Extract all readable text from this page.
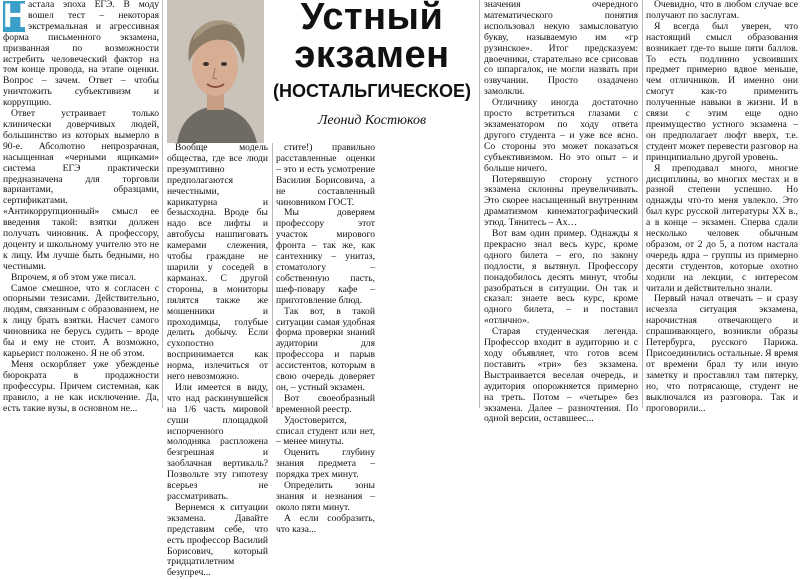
Н астала эпоха ЕГЭ. В моду вошел тест – некоторая экстремальная и агрессивная форма письменного экзамена, призванная по возможности истребить человеческий фактор на том конце провода, на этапе оценки. Вопрос – зачем. Ответ – чтобы уничтожить субъективизм и коррупцию.

Ответ устраивает только клинически доверчивых людей, большинство из которых вымерло в 90-е. Абсолютно непрозрачная, насыщенная «черными ящиками» система ЕГЭ практически предназначена для торговли вариантами, образцами, сертификатами. «Антикоррупционный» смысл ее введения такой: взятки должен получать чиновник. А профессору, доценту и школьному учителю это не к лицу. Им лучше быть бедными, но честными.

Впрочем, я об этом уже писал.

Самое смешное, что я согласен с опорными тезисами. Действительно, людям, связанным с образованием, не к лицу брать взятки. Насчет самого чиновника не берусь судить – вроде бы и ему не стоит. А возможно, карьерист положено. Я не об этом.

Меня оскорбляет уже убежденье бюрократа в продажности профессуры. Причем системная, как правило, а не как исключение. Да, есть такие вузы, в основном не...

Устный экзамен
(НОСТАЛЬГИЧЕСКОЕ)
Леонид Костюков

Вообще модель общества, где все люди презумптивно предполагаются нечестными, карикатурна и безысходна. Вроде бы надо все лифты и автобусы нашпиговать камерами слежения, чтобы граждане не шарили у соседей в карманах. С другой стороны, в мониторы пялятся также же мошенники и проходимцы, голубые делить добычу. Если сухопостно воспринимается как норма, излечиться от него невозможно.

Или имеется в виду, что над раскинувшейся на 1/6 часть мировой суши площадкой испорченного молодняка распложена безгрешная и заоблачная вертикаль? Позвольте эту гипотезу всерьез не рассматривать.

Вернемся к ситуации экзамена. Давайте представим себе, что есть профессор Василий Борисович, который тридцатилетним безупреч...

стите!) правильно расставленные оценки – это и есть усмотрение Василия Борисовича, а не составленный чиновником ГОСТ.

Мы доверяем профессору этот участок мирового фронта – так же, как сантехнику – унитаз, стоматологу – собственную пасть, шеф-повару кафе – приготовление блюд.

Так вот, в такой ситуации самая удобная форма проверки знаний аудитории для профессора и парыв ассистентов, которым в свою очередь доверяет он, – устный экзамен.

Вот своеобразный временной реестр.

Удостоверится, списал студент или нет, – менее минуты.

Оценить глубину знания предмета – порядка трех минут.

Определить зоны знания и незнания – около пяти минут.

А если сообразить, что каза...

значения очередного математического понятия использовал некую замысловатую букву, называемую им «гр рузинское». Итог предсказуем: двоечники, старательно все срисовав со шпаргалок, не могли назвать при озвучании. Просто озадачено замолкли.

Отличнику иногда достаточно просто встретиться глазами с экзаменатором по ходу ответа другого студента – и уже все ясно. Со стороны это может показаться субъективизмом. Но это опыт – и больше ничего.

Потерявшую сторону устного экзамена склонны преувеличивать. Это скорее насыщенный внутренним драматизмом кинематографический этюд. Тянитесь – Ах…

Вот вам один пример. Однажды я прекрасно знал весь курс, кроме одного билета – его, по закону подлости, я вытянул. Профессору понадобилось десять минут, чтобы разобраться в ситуации. Он так и сказал: знаете весь курс, кроме одного билета, – и поставил «отлично».

Старая студенческая легенда. Профессор входит в аудиторию и с ходу объявляет, что готов всем поставить «три» без экзамена. Выстраивается веселая очередь, и аудитория опорожняется примерно на треть. Потом – «четыре» без экзамена. Далее – разночтения. По одной версии, оставшеес...

Очевидно, что в любом случае все получают по заслугам.

Я всегда был уверен, что настоящий смысл образования возникает где-то выше пяти баллов. То есть подлинно усвоивших предмет примерно вдвое меньше, чем отличников. И именно они смогут как-то применить полученные навыки в жизни. И в связи с этим еще одно преимущество устного экзамена – он предполагает люфт вверх, т.е. студент может перевести разговор на принципиально другой уровень.

Я преподавал много, многие дисциплины, во многих местах и в разной степени успешно. Но однажды что-то меня увлекло. Это был курс русской литературы XX в., а в конце – экзамен. Сперва сдали несколько человек обычным образом, от 2 до 5, а потом настала очередь ядра – группы из примерно десяти студентов, которые охотно ходили на лекции, с интересом читали и действительно знали.

Первый начал отвечать – и сразу исчезла ситуация экзамена, нарочистная отвечающего и спрашивающего, возникли образы Петербурга, русского Парижа. Присоединились остальные. Я время от времени брал ту или иную заметку и проставлял там пятерку, но, что потрясающе, студент не выключался из разговора. Так и проговорили...
